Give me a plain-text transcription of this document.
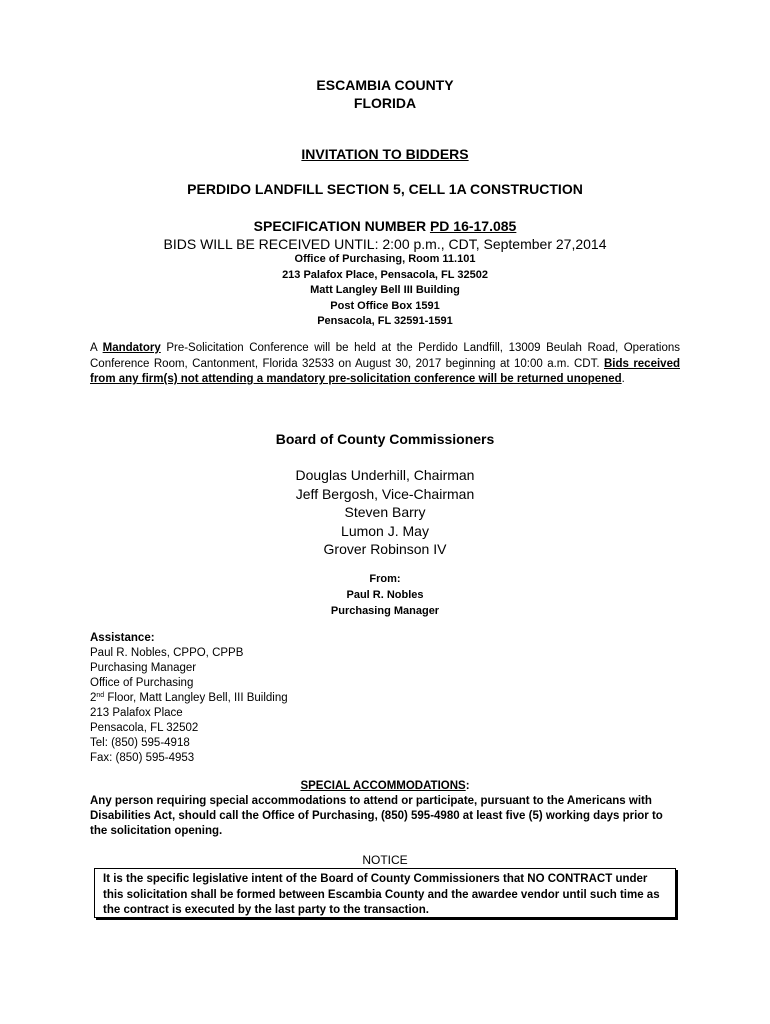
ESCAMBIA COUNTY
FLORIDA
INVITATION TO BIDDERS
PERDIDO LANDFILL SECTION 5, CELL 1A CONSTRUCTION
SPECIFICATION NUMBER PD 16-17.085
BIDS WILL BE RECEIVED UNTIL: 2:00 p.m., CDT, September 27,2014
Office of Purchasing, Room 11.101
213 Palafox Place, Pensacola, FL 32502
Matt Langley Bell III Building
Post Office Box 1591
Pensacola, FL 32591-1591
A Mandatory Pre-Solicitation Conference will be held at the Perdido Landfill, 13009 Beulah Road, Operations Conference Room, Cantonment, Florida 32533 on August 30, 2017 beginning at 10:00 a.m. CDT. Bids received from any firm(s) not attending a mandatory pre-solicitation conference will be returned unopened.
Board of County Commissioners
Douglas Underhill, Chairman
Jeff Bergosh, Vice-Chairman
Steven Barry
Lumon J. May
Grover Robinson IV
From:
Paul R. Nobles
Purchasing Manager
Assistance:
Paul R. Nobles, CPPO, CPPB
Purchasing Manager
Office of Purchasing
2nd Floor, Matt Langley Bell, III Building
213 Palafox Place
Pensacola, FL 32502
Tel: (850) 595-4918
Fax: (850) 595-4953
SPECIAL ACCOMMODATIONS:
Any person requiring special accommodations to attend or participate, pursuant to the Americans with Disabilities Act, should call the Office of Purchasing, (850) 595-4980 at least five (5) working days prior to the solicitation opening.
NOTICE
It is the specific legislative intent of the Board of County Commissioners that NO CONTRACT under this solicitation shall be formed between Escambia County and the awardee vendor until such time as the contract is executed by the last party to the transaction.
